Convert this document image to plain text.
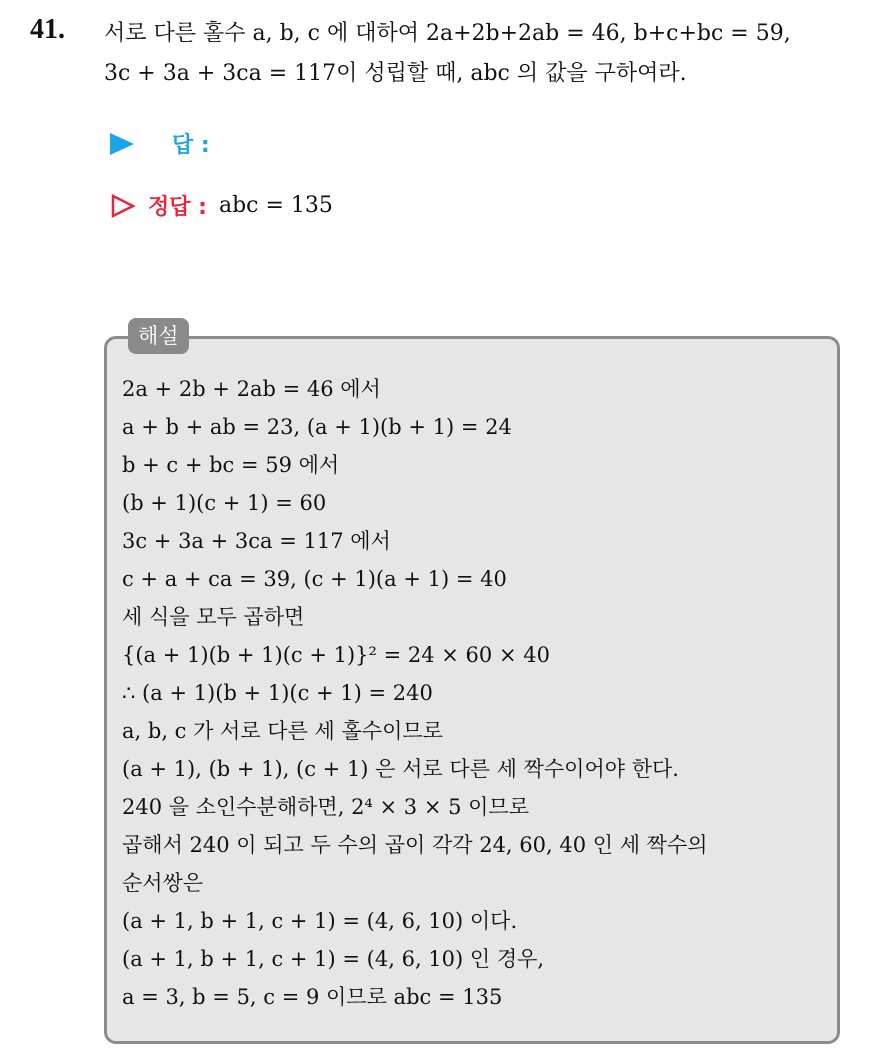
41. 서로 다른 홀수 a, b, c 에 대하여 2a+2b+2ab = 46, b+c+bc = 59,
3c + 3a + 3ca = 117이 성립할 때, abc 의 값을 구하여라.
답 :
정답 : abc = 135
해설
2a + 2b + 2ab = 46 에서
a + b + ab = 23, (a + 1)(b + 1) = 24
b + c + bc = 59 에서
(b + 1)(c + 1) = 60
3c + 3a + 3ca = 117 에서
c + a + ca = 39, (c + 1)(a + 1) = 40
세 식을 모두 곱하면
{(a + 1)(b + 1)(c + 1)}² = 24 × 60 × 40
∴ (a + 1)(b + 1)(c + 1) = 240
a, b, c 가 서로 다른 세 홀수이므로
(a + 1), (b + 1), (c + 1) 은 서로 다른 세 짝수이어야 한다.
240 을 소인수분해하면, 2⁴ × 3 × 5 이므로
곱해서 240 이 되고 두 수의 곱이 각각 24, 60, 40 인 세 짝수의
순서쌍은
(a + 1, b + 1, c + 1) = (4, 6, 10) 이다.
(a + 1, b + 1, c + 1) = (4, 6, 10) 인 경우,
a = 3, b = 5, c = 9 이므로 abc = 135
